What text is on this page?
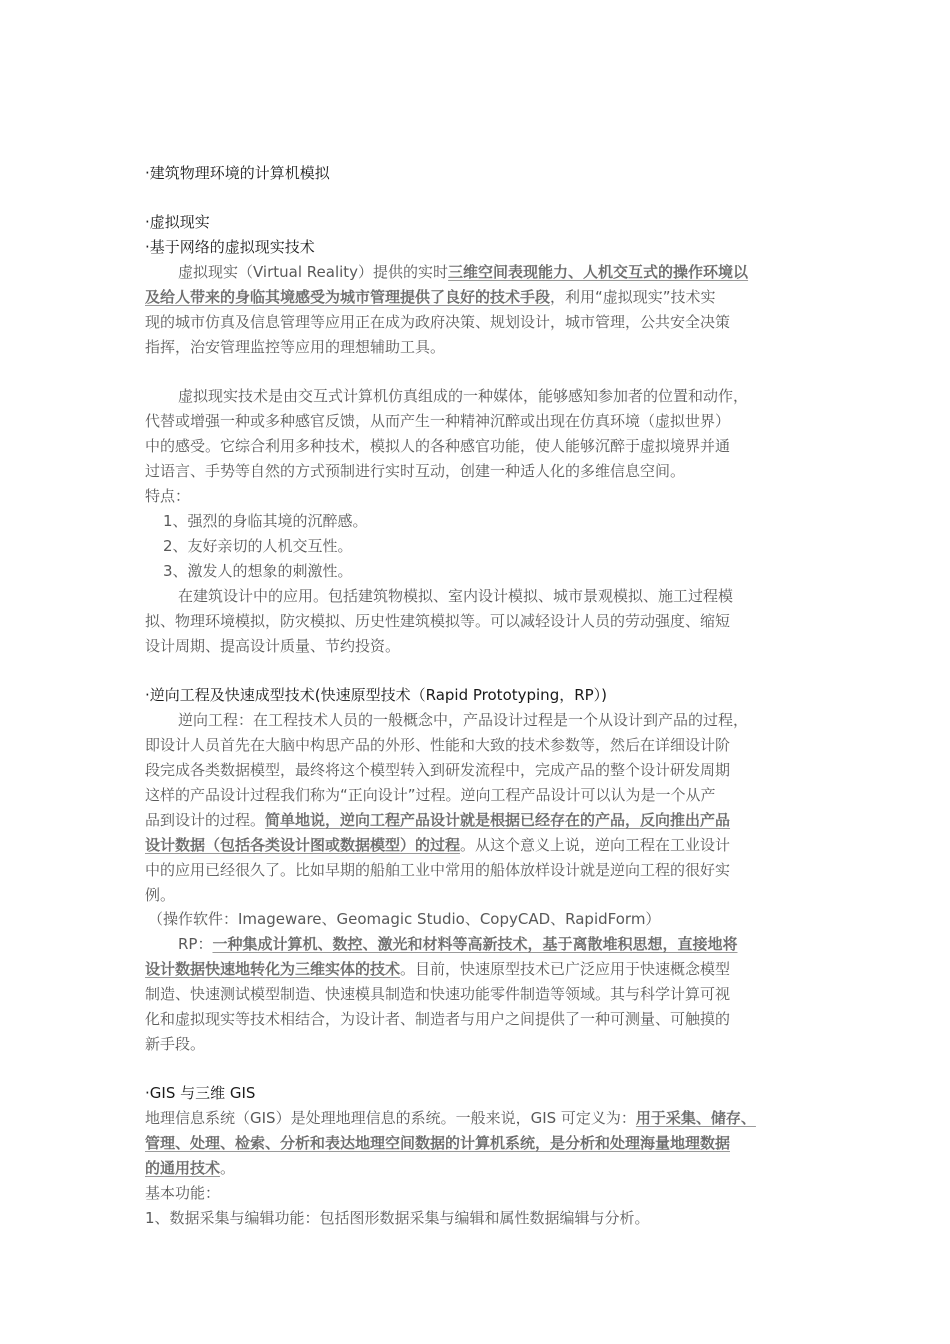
·建筑物理环境的计算机模拟
·虚拟现实
·基于网络的虚拟现实技术
虚拟现实（Virtual Reality）提供的实时三维空间表现能力、人机交互式的操作环境以
及给人带来的身临其境感受为城市管理提供了良好的技术手段，利用“虚拟现实”技术实
现的城市仿真及信息管理等应用正在成为政府决策、规划设计，城市管理，公共安全决策
指挥，治安管理监控等应用的理想辅助工具。
虚拟现实技术是由交互式计算机仿真组成的一种媒体，能够感知参加者的位置和动作，
代替或增强一种或多种感官反馈，从而产生一种精神沉醉或出现在仿真环境（虚拟世界）
中的感受。它综合利用多种技术，模拟人的各种感官功能，使人能够沉醉于虚拟境界并通
过语言、手势等自然的方式预制进行实时互动，创建一种适人化的多维信息空间。
特点：
1、强烈的身临其境的沉醉感。
2、友好亲切的人机交互性。
3、激发人的想象的刺激性。
在建筑设计中的应用。包括建筑物模拟、室内设计模拟、城市景观模拟、施工过程模
拟、物理环境模拟，防灾模拟、历史性建筑模拟等。可以减轻设计人员的劳动强度、缩短
设计周期、提高设计质量、节约投资。
·逆向工程及快速成型技术(快速原型技术（Rapid Prototyping，RP）)
逆向工程：在工程技术人员的一般概念中，产品设计过程是一个从设计到产品的过程，
即设计人员首先在大脑中构思产品的外形、性能和大致的技术参数等，然后在详细设计阶
段完成各类数据模型，最终将这个模型转入到研发流程中，完成产品的整个设计研发周期
这样的产品设计过程我们称为“正向设计”过程。逆向工程产品设计可以认为是一个从产
品到设计的过程。简单地说，逆向工程产品设计就是根据已经存在的产品，反向推出产品
设计数据（包括各类设计图或数据模型）的过程。从这个意义上说，逆向工程在工业设计
中的应用已经很久了。比如早期的船舶工业中常用的船体放样设计就是逆向工程的很好实
例。
（操作软件：Imageware、Geomagic Studio、CopyCAD、RapidForm）
RP：一种集成计算机、数控、激光和材料等高新技术，基于离散堆积思想，直接地将
设计数据快速地转化为三维实体的技术。目前，快速原型技术已广泛应用于快速概念模型
制造、快速测试模型制造、快速模具制造和快速功能零件制造等领域。其与科学计算可视
化和虚拟现实等技术相结合，为设计者、制造者与用户之间提供了一种可测量、可触摸的
新手段。
·GIS 与三维 GIS
地理信息系统（GIS）是处理地理信息的系统。一般来说，GIS 可定义为：用于采集、储存、
管理、处理、检索、分析和表达地理空间数据的计算机系统，是分析和处理海量地理数据
的通用技术。
基本功能：
1、数据采集与编辑功能：包括图形数据采集与编辑和属性数据编辑与分析。
